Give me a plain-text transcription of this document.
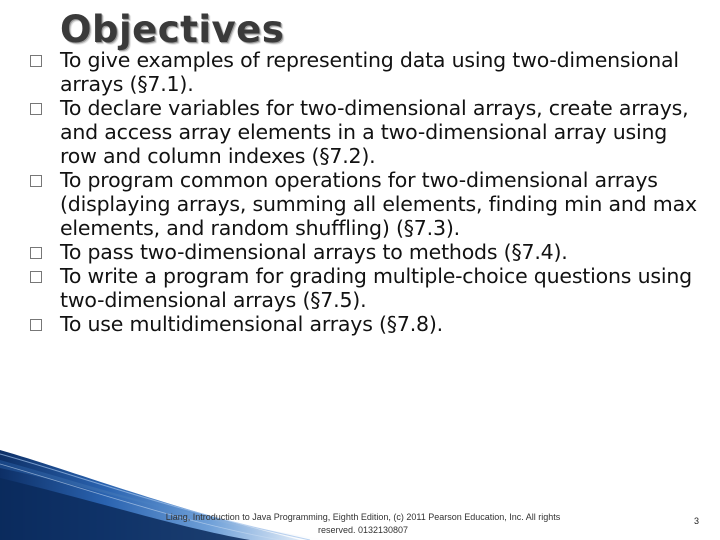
Objectives
To give examples of representing data using two-dimensional arrays (§7.1).
To declare variables for two-dimensional arrays, create arrays, and access array elements in a two-dimensional array using row and column indexes (§7.2).
To program common operations for two-dimensional arrays (displaying arrays, summing all elements, finding min and max elements, and random shuffling) (§7.3).
To pass two-dimensional arrays to methods (§7.4).
To write a program for grading multiple-choice questions using two-dimensional arrays (§7.5).
To use multidimensional arrays (§7.8).
Liang, Introduction to Java Programming, Eighth Edition, (c) 2011 Pearson Education, Inc. All rights reserved. 0132130807
3
